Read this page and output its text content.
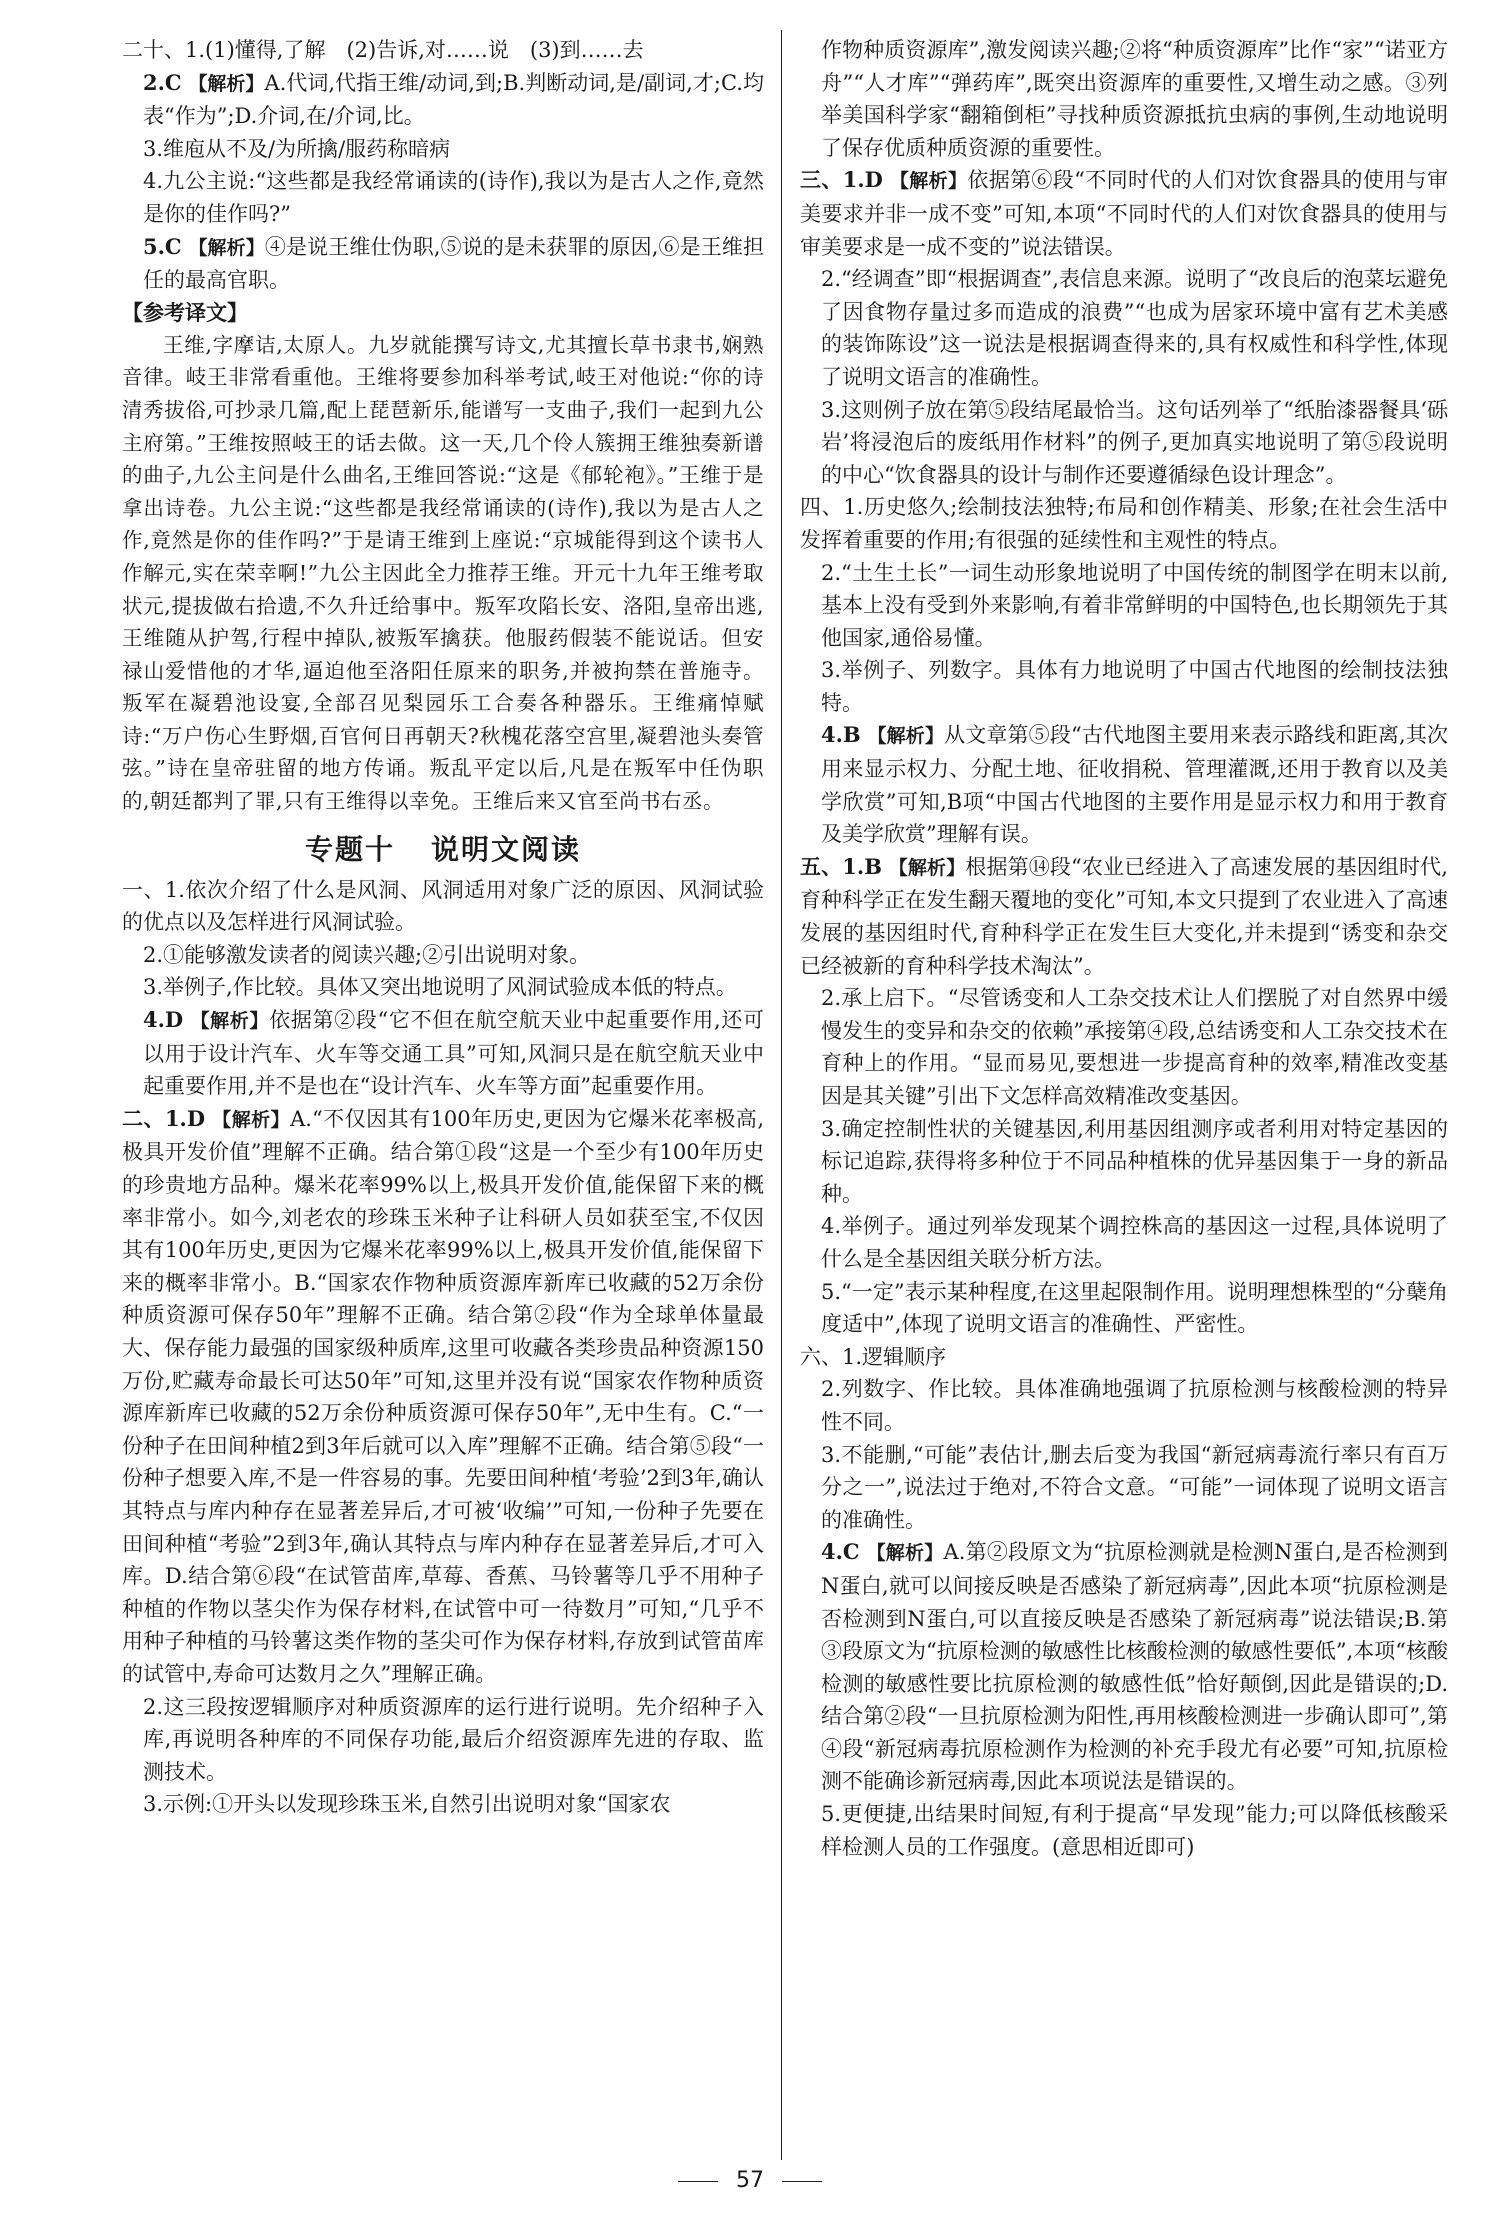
二十、1.(1)懂得,了解　(2)告诉,对……说　(3)到……去

2.C 【解析】A.代词,代指王维/动词,到;B.判断动词,是/副词,才;C.均表“作为”;D.介词,在/介词,比。

3.维庖从不及/为所擒/服药称暗病

4.九公主说:“这些都是我经常诵读的(诗作),我以为是古人之作,竟然是你的佳作吗?”

5.C 【解析】④是说王维仕伪职,⑤说的是未获罪的原因,⑥是王维担任的最高官职。

【参考译文】

王维,字摩诘,太原人。九岁就能撰写诗文,尤其擅长草书隶书,娴熟音律。岐王非常看重他。王维将要参加科举考试,岐王对他说:“你的诗清秀拔俗,可抄录几篇,配上琵琶新乐,能谱写一支曲子,我们一起到九公主府第。”王维按照岐王的话去做。这一天,几个伶人簇拥王维独奏新谱的曲子,九公主问是什么曲名,王维回答说:“这是《郁轮袍》。”王维于是拿出诗卷。九公主说:“这些都是我经常诵读的(诗作),我以为是古人之作,竟然是你的佳作吗?”于是请王维到上座说:“京城能得到这个读书人作解元,实在荣幸啊!”九公主因此全力推荐王维。开元十九年王维考取状元,提拔做右拾遗,不久升迁给事中。叛军攻陷长安、洛阳,皇帝出逃,王维随从护驾,行程中掉队,被叛军擒获。他服药假装不能说话。但安禄山爱惜他的才华,逼迫他至洛阳任原来的职务,并被拘禁在普施寺。叛军在凝碧池设宴,全部召见梨园乐工合奏各种器乐。王维痛悼赋诗:“万户伤心生野烟,百官何日再朝天?秋槐花落空宫里,凝碧池头奏管弦。”诗在皇帝驻留的地方传诵。叛乱平定以后,凡是在叛军中任伪职的,朝廷都判了罪,只有王维得以幸免。王维后来又官至尚书右丞。

专题十 说明文阅读

一、1.依次介绍了什么是风洞、风洞适用对象广泛的原因、风洞试验的优点以及怎样进行风洞试验。

2.①能够激发读者的阅读兴趣;②引出说明对象。

3.举例子,作比较。具体又突出地说明了风洞试验成本低的特点。

4.D 【解析】依据第②段“它不但在航空航天业中起重要作用,还可以用于设计汽车、火车等交通工具”可知,风洞只是在航空航天业中起重要作用,并不是也在“设计汽车、火车等方面”起重要作用。

二、1.D 【解析】A.“不仅因其有100年历史,更因为它爆米花率极高,极具开发价值”理解不正确。结合第①段“这是一个至少有100年历史的珍贵地方品种。爆米花率99%以上,极具开发价值,能保留下来的概率非常小。如今,刘老农的珍珠玉米种子让科研人员如获至宝,不仅因其有100年历史,更因为它爆米花率99%以上,极具开发价值,能保留下来的概率非常小。B.“国家农作物种质资源库新库已收藏的52万余份种质资源可保存50年”理解不正确。结合第②段“作为全球单体量最大、保存能力最强的国家级种质库,这里可收藏各类珍贵品种资源150万份,贮藏寿命最长可达50年”可知,这里并没有说“国家农作物种质资源库新库已收藏的52万余份种质资源可保存50年”,无中生有。C.“一份种子在田间种植2到3年后就可以入库”理解不正确。结合第⑤段“一份种子想要入库,不是一件容易的事。先要田间种植‘考验’2到3年,确认其特点与库内种存在显著差异后,才可被‘收编’”可知,一份种子先要在田间种植“考验”2到3年,确认其特点与库内种存在显著差异后,才可入库。D.结合第⑥段“在试管苗库,草莓、香蕉、马铃薯等几乎不用种子种植的作物以茎尖作为保存材料,在试管中可一待数月”可知,“几乎不用种子种植的马铃薯这类作物的茎尖可作为保存材料,存放到试管苗库的试管中,寿命可达数月之久”理解正确。

2.这三段按逻辑顺序对种质资源库的运行进行说明。先介绍种子入库,再说明各种库的不同保存功能,最后介绍资源库先进的存取、监测技术。

3.示例:①开头以发现珍珠玉米,自然引出说明对象“国家农

作物种质资源库”,激发阅读兴趣;②将“种质资源库”比作“家”“诺亚方舟”“人才库”“弹药库”,既突出资源库的重要性,又增生动之感。③列举美国科学家“翻箱倒柜”寻找种质资源抵抗虫病的事例,生动地说明了保存优质种质资源的重要性。

三、1.D 【解析】依据第⑥段“不同时代的人们对饮食器具的使用与审美要求并非一成不变”可知,本项“不同时代的人们对饮食器具的使用与审美要求是一成不变的”说法错误。

2.“经调查”即“根据调查”,表信息来源。说明了“改良后的泡菜坛避免了因食物存量过多而造成的浪费”“也成为居家环境中富有艺术美感的装饰陈设”这一说法是根据调查得来的,具有权威性和科学性,体现了说明文语言的准确性。

3.这则例子放在第⑤段结尾最恰当。这句话列举了“纸胎漆器餐具‘砾岩’将浸泡后的废纸用作材料”的例子,更加真实地说明了第⑤段说明的中心“饮食器具的设计与制作还要遵循绿色设计理念”。

四、1.历史悠久;绘制技法独特;布局和创作精美、形象;在社会生活中发挥着重要的作用;有很强的延续性和主观性的特点。

2.“土生土长”一词生动形象地说明了中国传统的制图学在明末以前,基本上没有受到外来影响,有着非常鲜明的中国特色,也长期领先于其他国家,通俗易懂。

3.举例子、列数字。具体有力地说明了中国古代地图的绘制技法独特。

4.B 【解析】从文章第⑤段“古代地图主要用来表示路线和距离,其次用来显示权力、分配土地、征收捐税、管理灌溉,还用于教育以及美学欣赏”可知,B项“中国古代地图的主要作用是显示权力和用于教育及美学欣赏”理解有误。

五、1.B 【解析】根据第⑭段“农业已经进入了高速发展的基因组时代,育种科学正在发生翻天覆地的变化”可知,本文只提到了农业进入了高速发展的基因组时代,育种科学正在发生巨大变化,并未提到“诱变和杂交已经被新的育种科学技术淘汰”。

2.承上启下。“尽管诱变和人工杂交技术让人们摆脱了对自然界中缓慢发生的变异和杂交的依赖”承接第④段,总结诱变和人工杂交技术在育种上的作用。“显而易见,要想进一步提高育种的效率,精准改变基因是其关键”引出下文怎样高效精准改变基因。

3.确定控制性状的关键基因,利用基因组测序或者利用对特定基因的标记追踪,获得将多种位于不同品种植株的优异基因集于一身的新品种。

4.举例子。通过列举发现某个调控株高的基因这一过程,具体说明了什么是全基因组关联分析方法。

5.“一定”表示某种程度,在这里起限制作用。说明理想株型的“分蘖角度适中”,体现了说明文语言的准确性、严密性。

六、1.逻辑顺序

2.列数字、作比较。具体准确地强调了抗原检测与核酸检测的特异性不同。

3.不能删,“可能”表估计,删去后变为我国“新冠病毒流行率只有百万分之一”,说法过于绝对,不符合文意。“可能”一词体现了说明文语言的准确性。

4.C 【解析】A.第②段原文为“抗原检测就是检测N蛋白,是否检测到N蛋白,就可以间接反映是否感染了新冠病毒”,因此本项“抗原检测是否检测到N蛋白,可以直接反映是否感染了新冠病毒”说法错误;B.第③段原文为“抗原检测的敏感性比核酸检测的敏感性要低”,本项“核酸检测的敏感性要比抗原检测的敏感性低”恰好颠倒,因此是错误的;D.结合第②段“一旦抗原检测为阳性,再用核酸检测进一步确认即可”,第④段“新冠病毒抗原检测作为检测的补充手段尤有必要”可知,抗原检测不能确诊新冠病毒,因此本项说法是错误的。

5.更便捷,出结果时间短,有利于提高“早发现”能力;可以降低核酸采样检测人员的工作强度。(意思相近即可)

57
